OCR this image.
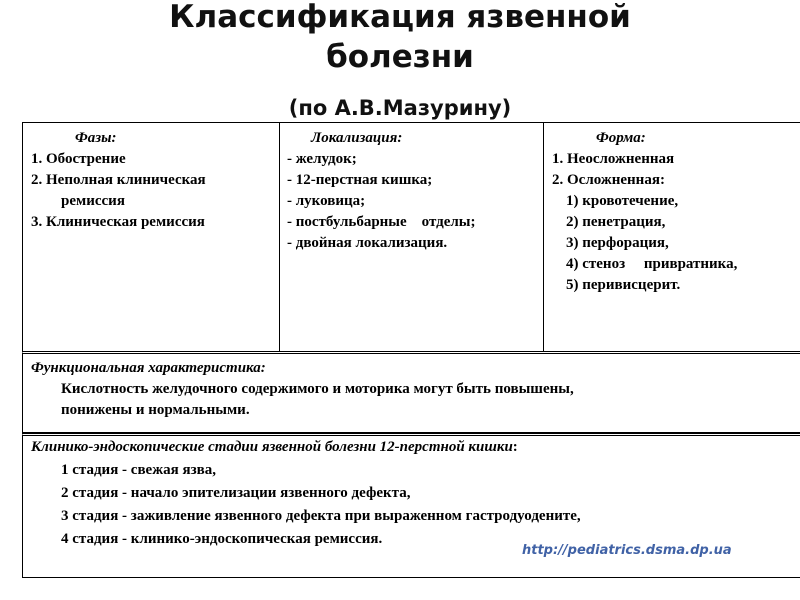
Классификация язвенной
болезни
(по А.В.Мазурину)
Фазы:
1. Обострение
2. Неполная клиническая
ремиссия
3. Клиническая ремиссия
Локализация:
- желудок;
- 12-перстная кишка;
- луковица;
- постбульбарные    отделы;
- двойная локализация.
Форма:
1. Неосложненная
2. Осложненная:
1) кровотечение,
2) пенетрация,
3) перфорация,
4) стеноз     привратника,
5) перивисцерит.
Функциональная характеристика:
Кислотность желудочного содержимого и моторика могут быть повышены,
понижены и нормальными.
Клинико-эндоскопические стадии язвенной болезни 12-перстной кишки:
1 стадия - свежая язва,
2 стадия - начало эпителизации язвенного дефекта,
3 стадия - заживление язвенного дефекта при выраженном гастродуодените,
4 стадия - клинико-эндоскопическая ремиссия.
http://pediatrics.dsma.dp.ua
